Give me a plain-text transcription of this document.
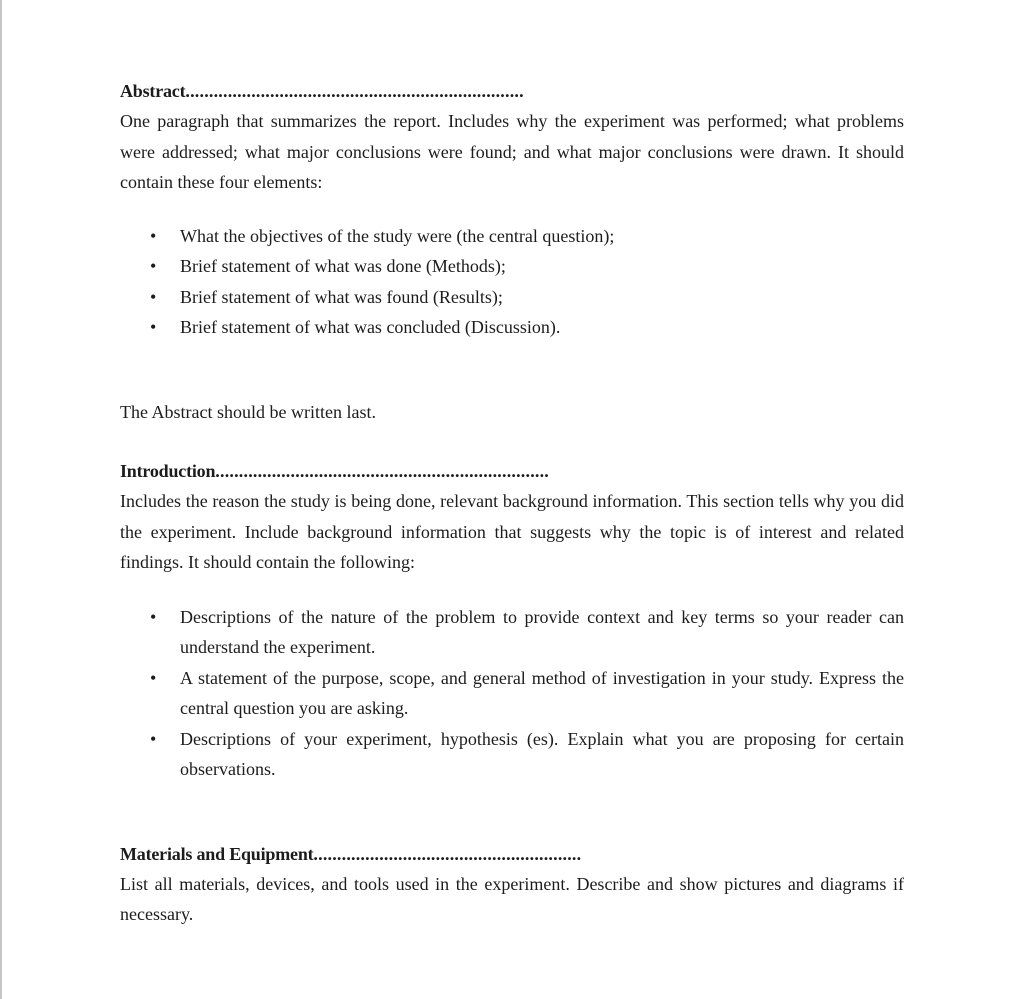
Abstract........................................................................

One paragraph that summarizes the report. Includes why the experiment was performed; what problems were addressed; what major conclusions were found; and what major conclusions were drawn. It should contain these four elements:

• What the objectives of the study were (the central question);
• Brief statement of what was done (Methods);
• Brief statement of what was found (Results);
• Brief statement of what was concluded (Discussion).

The Abstract should be written last.

Introduction.......................................................................

Includes the reason the study is being done, relevant background information. This section tells why you did the experiment. Include background information that suggests why the topic is of interest and related findings. It should contain the following:

• Descriptions of the nature of the problem to provide context and key terms so your reader can understand the experiment.
• A statement of the purpose, scope, and general method of investigation in your study. Express the central question you are asking.
• Descriptions of your experiment, hypothesis (es). Explain what you are proposing for certain observations.

Materials and Equipment.........................................................

List all materials, devices, and tools used in the experiment. Describe and show pictures and diagrams if necessary.
